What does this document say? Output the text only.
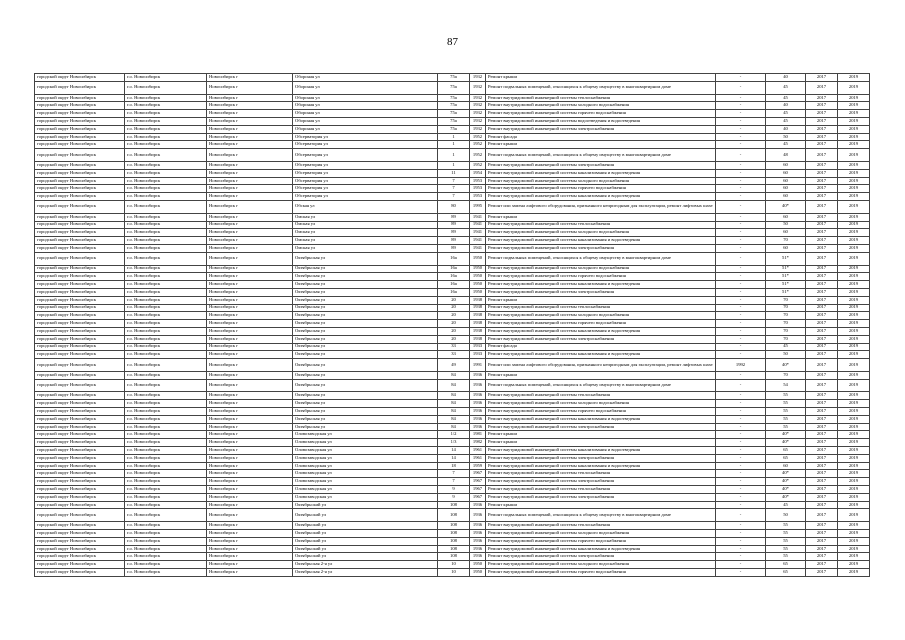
87
городской округ Новосибирск	г.о. Новосибирск	Новосибирск г	Обороная ул	75а	1932	Ремонт крыши	-	40	2017	2019
городской округ Новосибирск	г.о. Новосибирск	Новосибирск г	Обороная ул	75а	1932	Ремонт подвальных помещений, относящихся к общему имуществу в многоквартирном доме	-	45	2017	2019
городской округ Новосибирск	г.о. Новосибирск	Новосибирск г	Обороная ул	75а	1932	Ремонт внутридомовой инженерной системы теплоснабжения	-	45	2017	2019
городской округ Новосибирск	г.о. Новосибирск	Новосибирск г	Обороная ул	75а	1932	Ремонт внутридомовой инженерной системы холодного водоснабжения	-	40	2017	2019
городской округ Новосибирск	г.о. Новосибирск	Новосибирск г	Обороная ул	75а	1932	Ремонт внутридомовой инженерной системы горячего водоснабжения	-	45	2017	2019
городской округ Новосибирск	г.о. Новосибирск	Новосибирск г	Обороная ул	75а	1932	Ремонт внутридомовой инженерной системы водоотведения и водоотведения	-	45	2017	2019
городской округ Новосибирск	г.о. Новосибирск	Новосибирск г	Обороная ул	75а	1932	Ремонт внутридомовой инженерной системы электроснабжения	-	40	2017	2019
городской округ Новосибирск	г.о. Новосибирск	Новосибирск г	Обсерватория ул	1	1952	Ремонт фасада	-	50	2017	2019
городской округ Новосибирск	г.о. Новосибирск	Новосибирск г	Обсерватория ул	1	1952	Ремонт крыши	-	45	2017	2019
городской округ Новосибирск	г.о. Новосибирск	Новосибирск г	Обсерватория ул	1	1952	Ремонт подвальных помещений, относящихся к общему имуществу в многоквартирном доме	-	48	2017	2019
городской округ Новосибирск	г.о. Новосибирск	Новосибирск г	Обсерватория ул	1	1952	Ремонт внутридомовой инженерной системы электроснабжения	-	60	2017	2019
городской округ Новосибирск	г.о. Новосибирск	Новосибирск г	Обсерватория ул	11	1954	Ремонт внутридомовой инженерной системы канализования и водоотведения	-	60	2017	2019
городской округ Новосибирск	г.о. Новосибирск	Новосибирск г	Обсерватория ул	7	1953	Ремонт внутридомовой инженерной системы холодного водоснабжения	-	60	2017	2019
городской округ Новосибирск	г.о. Новосибирск	Новосибирск г	Обсерватория ул	7	1953	Ремонт внутридомовой инженерной системы горячего водоснабжения	-	60	2017	2019
городской округ Новосибирск	г.о. Новосибирск	Новосибирск г	Обсерватория ул	7	1953	Ремонт внутридомовой инженерной системы канализования и водоотведения	-	60	2017	2019
городской округ Новосибирск	г.о. Новосибирск	Новосибирск г	Обская ул	80	1995	Ремонт или замена лифтового оборудования, признанного непригодным для эксплуатации, ремонт лифтовых шахт	-	40*	2017	2019
городской округ Новосибирск	г.о. Новосибирск	Новосибирск г	Омская ул	89	1941	Ремонт крыши	-	60	2017	2019
городской округ Новосибирск	г.о. Новосибирск	Новосибирск г	Омская ул	89	1941	Ремонт внутридомовой инженерной системы теплоснабжения	-	50	2017	2019
городской округ Новосибирск	г.о. Новосибирск	Новосибирск г	Омская ул	89	1941	Ремонт внутридомовой инженерной системы холодного водоснабжения	-	60	2017	2019
городской округ Новосибирск	г.о. Новосибирск	Новосибирск г	Омская ул	89	1941	Ремонт внутридомовой инженерной системы канализования и водоотведения	-	70	2017	2019
городской округ Новосибирск	г.о. Новосибирск	Новосибирск г	Омская ул	89	1941	Ремонт внутридомовой инженерной системы электроснабжения	-	60	2017	2019
городской округ Новосибирск	г.о. Новосибирск	Новосибирск г	Октябрьская ул	16а	1950	Ремонт подвальных помещений, относящихся к общему имуществу в многоквартирном доме	-	51*	2017	2019
городской округ Новосибирск	г.о. Новосибирск	Новосибирск г	Октябрьская ул	16а	1950	Ремонт внутридомовой инженерной системы холодного водоснабжения	-	51*	2017	2019
городской округ Новосибирск	г.о. Новосибирск	Новосибирск г	Октябрьская ул	16а	1950	Ремонт внутридомовой инженерной системы горячего водоснабжения	-	51*	2017	2019
городской округ Новосибирск	г.о. Новосибирск	Новосибирск г	Октябрьская ул	16а	1950	Ремонт внутридомовой инженерной системы канализования и водоотведения	-	51*	2017	2019
городской округ Новосибирск	г.о. Новосибирск	Новосибирск г	Октябрьская ул	16а	1950	Ремонт внутридомовой инженерной системы электроснабжения	-	51*	2017	2019
городской округ Новосибирск	г.о. Новосибирск	Новосибирск г	Октябрьская ул	20	1938	Ремонт крыши	-	70	2017	2019
городской округ Новосибирск	г.о. Новосибирск	Новосибирск г	Октябрьская ул	20	1938	Ремонт внутридомовой инженерной системы теплоснабжения	-	70	2017	2019
городской округ Новосибирск	г.о. Новосибирск	Новосибирск г	Октябрьская ул	20	1938	Ремонт внутридомовой инженерной системы холодного водоснабжения	-	70	2017	2019
городской округ Новосибирск	г.о. Новосибирск	Новосибирск г	Октябрьская ул	20	1938	Ремонт внутридомовой инженерной системы горячего водоснабжения	-	70	2017	2019
городской округ Новосибирск	г.о. Новосибирск	Новосибирск г	Октябрьская ул	20	1938	Ремонт внутридомовой инженерной системы канализования и водоотведения	-	70	2017	2019
городской округ Новосибирск	г.о. Новосибирск	Новосибирск г	Октябрьская ул	20	1938	Ремонт внутридомовой инженерной системы электроснабжения	-	70	2017	2019
городской округ Новосибирск	г.о. Новосибирск	Новосибирск г	Октябрьская ул	33	1933	Ремонт фасада	-	45	2017	2019
городской округ Новосибирск	г.о. Новосибирск	Новосибирск г	Октябрьская ул	33	1933	Ремонт внутридомовой инженерной системы канализования и водоотведения	-	50	2017	2019
городской округ Новосибирск	г.о. Новосибирск	Новосибирск г	Октябрьская ул	49	1991	Ремонт или замена лифтового оборудования, признанного непригодным для эксплуатации, ремонт лифтовых шахт	1992	40*	2017	2019
городской округ Новосибирск	г.о. Новосибирск	Новосибирск г	Октябрьская ул	84	1936	Ремонт крыши	-	70	2017	2019
городской округ Новосибирск	г.о. Новосибирск	Новосибирск г	Октябрьская ул	84	1936	Ремонт подвальных помещений, относящихся к общему имуществу в многоквартирном доме	-	54	2017	2019
городской округ Новосибирск	г.о. Новосибирск	Новосибирск г	Октябрьская ул	84	1936	Ремонт внутридомовой инженерной системы теплоснабжения	-	55	2017	2019
городской округ Новосибирск	г.о. Новосибирск	Новосибирск г	Октябрьская ул	84	1936	Ремонт внутридомовой инженерной системы холодного водоснабжения	-	55	2017	2019
городской округ Новосибирск	г.о. Новосибирск	Новосибирск г	Октябрьская ул	84	1936	Ремонт внутридомовой инженерной системы горячего водоснабжения	-	55	2017	2019
городской округ Новосибирск	г.о. Новосибирск	Новосибирск г	Октябрьская ул	84	1936	Ремонт внутридомовой инженерной системы канализования и водоотведения	-	55	2017	2019
городской округ Новосибирск	г.о. Новосибирск	Новосибирск г	Октябрьская ул	84	1936	Ремонт внутридомовой инженерной системы электроснабжения	-	55	2017	2019
городской округ Новосибирск	г.о. Новосибирск	Новосибирск г	Оловозаводская ул	1/2	1981	Ремонт крыши	-	40*	2017	2019
городской округ Новосибирск	г.о. Новосибирск	Новосибирск г	Оловозаводская ул	1/3	1982	Ремонт крыши	-	40*	2017	2019
городской округ Новосибирск	г.о. Новосибирск	Новосибирск г	Оловозаводская ул	14	1961	Ремонт внутридомовой инженерной системы канализования и водоотведения	-	65	2017	2019
городской округ Новосибирск	г.о. Новосибирск	Новосибирск г	Оловозаводская ул	14	1961	Ремонт внутридомовой инженерной системы электроснабжения	-	65	2017	2019
городской округ Новосибирск	г.о. Новосибирск	Новосибирск г	Оловозаводская ул	18	1959	Ремонт внутридомовой инженерной системы канализования и водоотведения	-	60	2017	2019
городской округ Новосибирск	г.о. Новосибирск	Новосибирск г	Оловозаводская ул	7	1967	Ремонт внутридомовой инженерной системы теплоснабжения	-	40*	2017	2019
городской округ Новосибирск	г.о. Новосибирск	Новосибирск г	Оловозаводская ул	7	1967	Ремонт внутридомовой инженерной системы электроснабжения	-	40*	2017	2019
городской округ Новосибирск	г.о. Новосибирск	Новосибирск г	Оловозаводская ул	9	1967	Ремонт внутридомовой инженерной системы теплоснабжения	-	40*	2017	2019
городской округ Новосибирск	г.о. Новосибирск	Новосибирск г	Оловозаводская ул	9	1967	Ремонт внутридомовой инженерной системы электроснабжения	-	40*	2017	2019
городской округ Новосибирск	г.о. Новосибирск	Новосибирск г	Октябрьский ул	108	1936	Ремонт крыши	-	45	2017	2019
городской округ Новосибирск	г.о. Новосибирск	Новосибирск г	Октябрьский ул	108	1936	Ремонт подвальных помещений, относящихся к общему имуществу в многоквартирном доме	-	50	2017	2019
городской округ Новосибирск	г.о. Новосибирск	Новосибирск г	Октябрьский ул	108	1936	Ремонт внутридомовой инженерной системы теплоснабжения	-	55	2017	2019
городской округ Новосибирск	г.о. Новосибирск	Новосибирск г	Октябрьский ул	108	1936	Ремонт внутридомовой инженерной системы холодного водоснабжения	-	55	2017	2019
городской округ Новосибирск	г.о. Новосибирск	Новосибирск г	Октябрьский ул	108	1936	Ремонт внутридомовой инженерной системы горячего водоснабжения	-	55	2017	2019
городской округ Новосибирск	г.о. Новосибирск	Новосибирск г	Октябрьский ул	108	1936	Ремонт внутридомовой инженерной системы канализования и водоотведения	-	55	2017	2019
городской округ Новосибирск	г.о. Новосибирск	Новосибирск г	Октябрьский ул	108	1936	Ремонт внутридомовой инженерной системы электроснабжения	-	55	2017	2019
городской округ Новосибирск	г.о. Новосибирск	Новосибирск г	Октябрьская 2-я ул	10	1950	Ремонт внутридомовой инженерной системы холодного водоснабжения	-	65	2017	2019
городской округ Новосибирск	г.о. Новосибирск	Новосибирск г	Октябрьская 2-я ул	10	1950	Ремонт внутридомовой инженерной системы горячего водоснабжения	-	65	2017	2019
